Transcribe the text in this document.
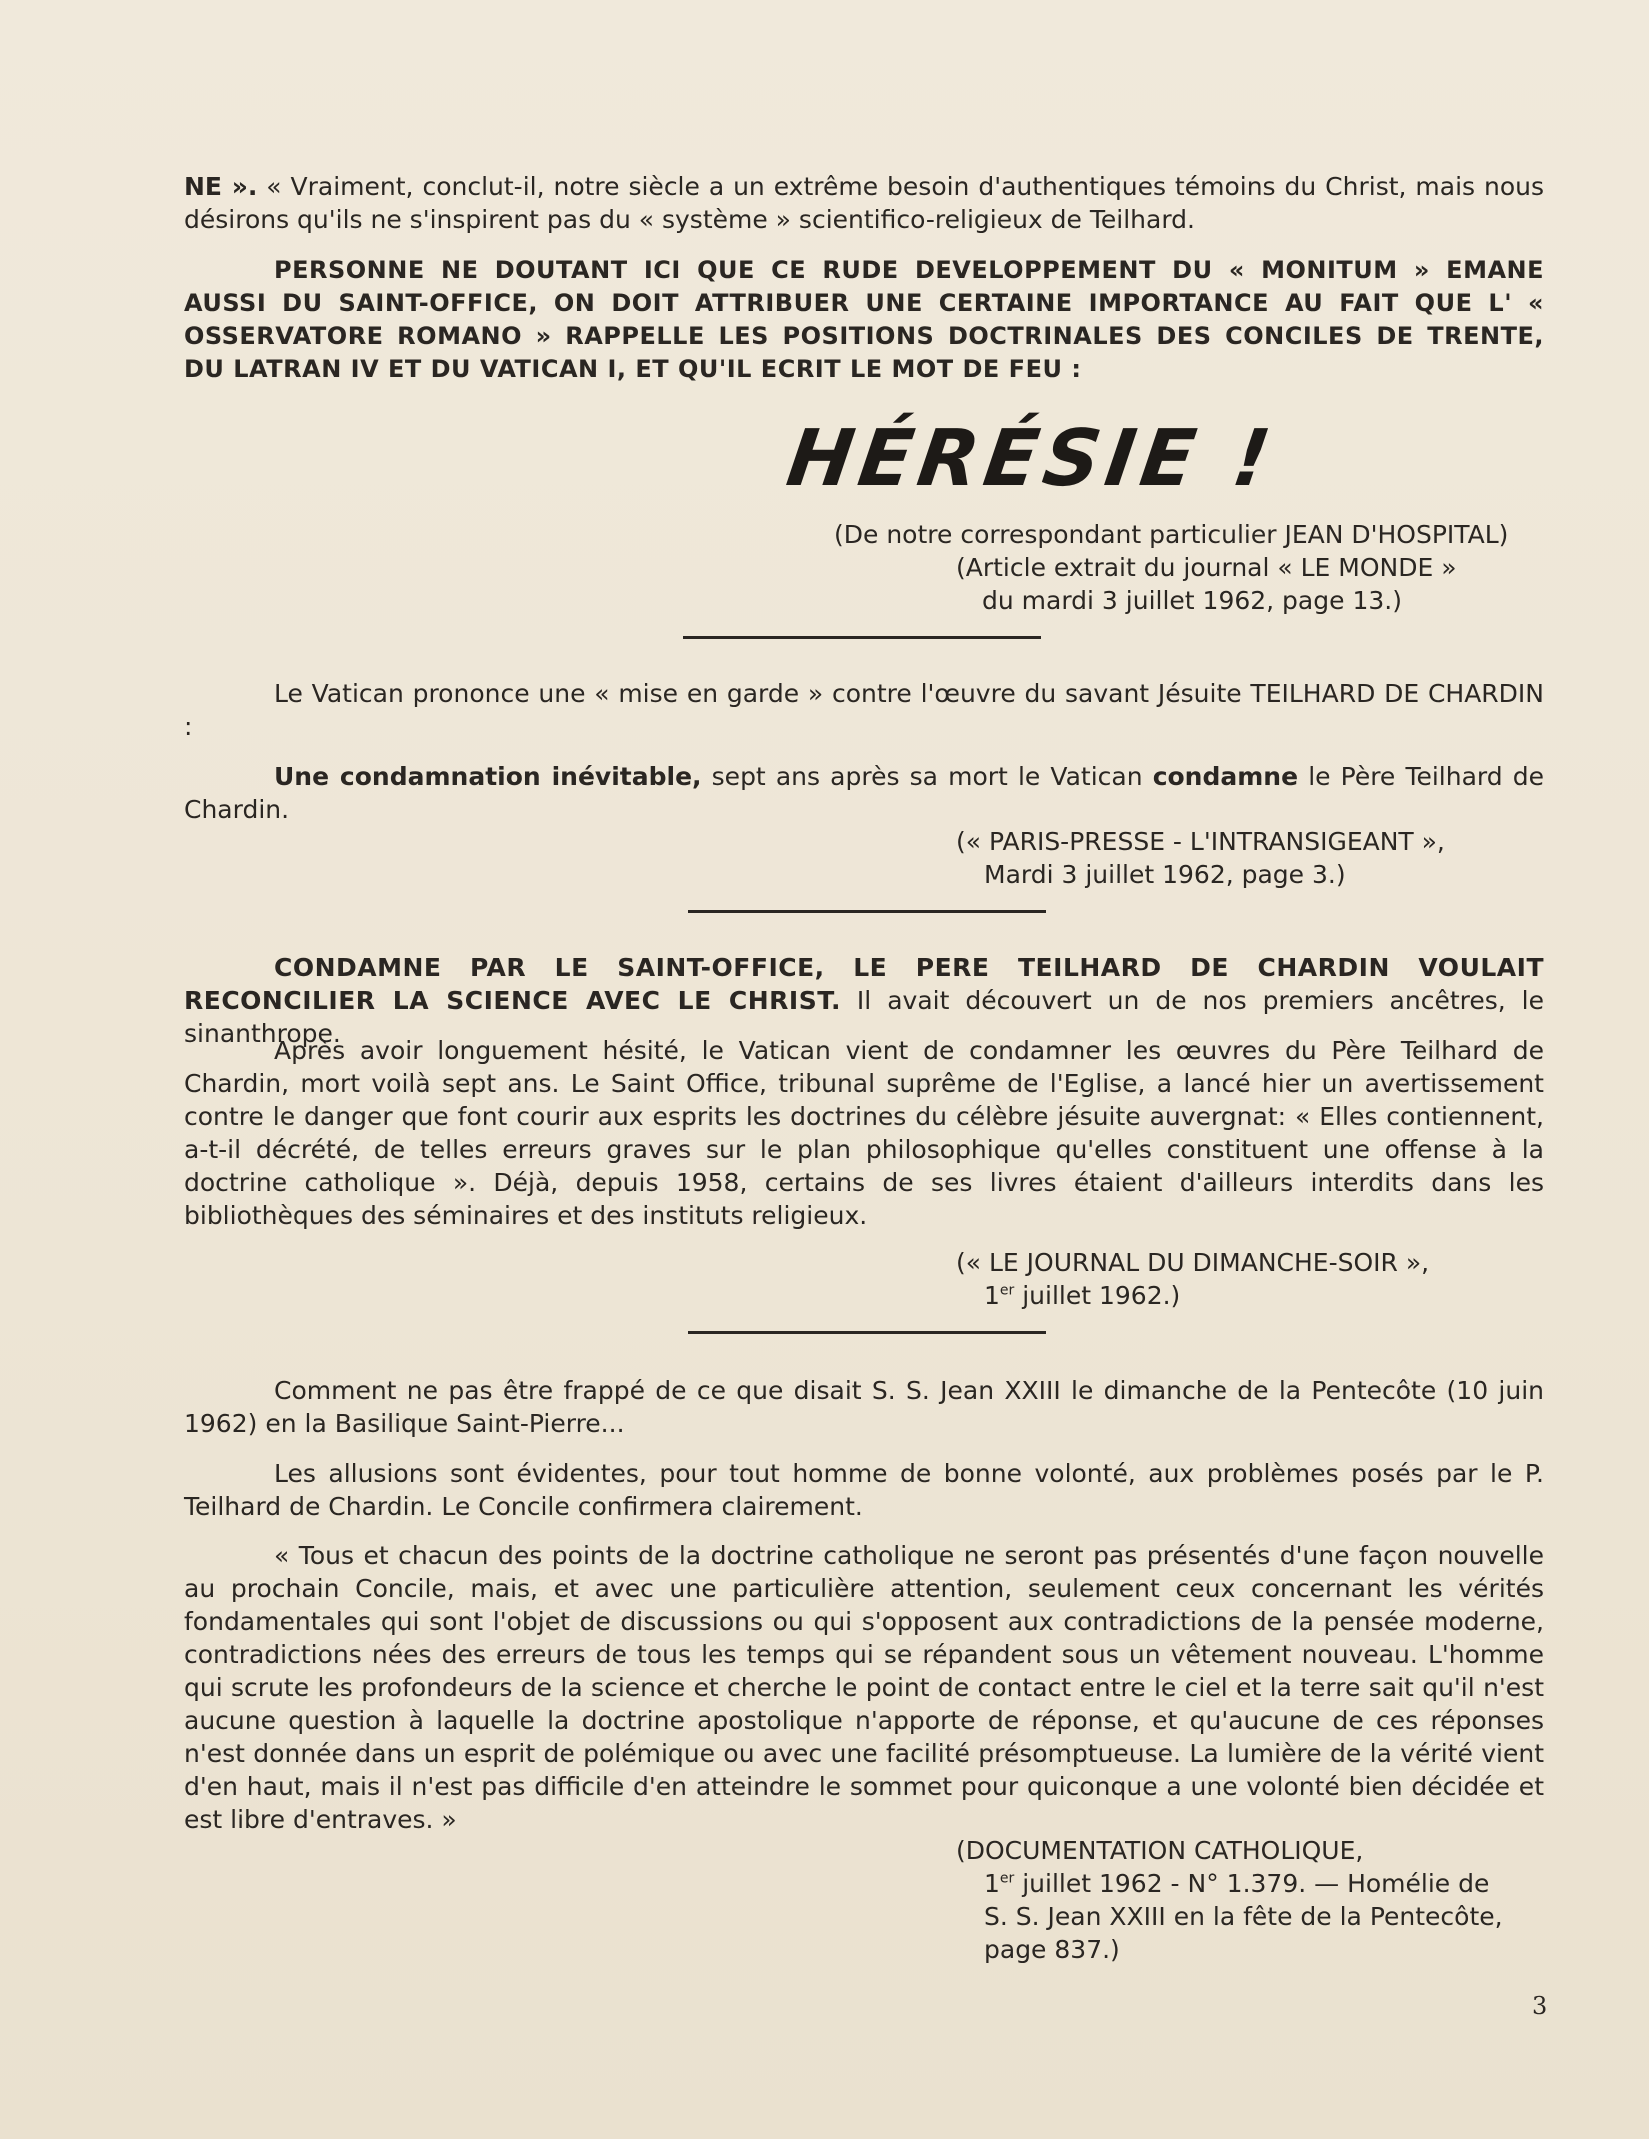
NE ». « Vraiment, conclut-il, notre siècle a un extrême besoin d'authentiques témoins du Christ, mais nous désirons qu'ils ne s'inspirent pas du « système » scientifico-religieux de Teilhard.

PERSONNE NE DOUTANT ICI QUE CE RUDE DEVELOPPEMENT DU « MONITUM » EMANE AUSSI DU SAINT-OFFICE, ON DOIT ATTRIBUER UNE CERTAINE IMPORTANCE AU FAIT QUE L' « OSSERVATORE ROMANO » RAPPELLE LES POSITIONS DOCTRINALES DES CONCILES DE TRENTE, DU LATRAN IV ET DU VATICAN I, ET QU'IL ECRIT LE MOT DE FEU :
HÉRÉSIE !
(De notre correspondant particulier JEAN D'HOSPITAL)
(Article extrait du journal « LE MONDE »
du mardi 3 juillet 1962, page 13.)
Le Vatican prononce une « mise en garde » contre l'œuvre du savant Jésuite TEILHARD DE CHARDIN :
Une condamnation inévitable, sept ans après sa mort le Vatican condamne le Père Teilhard de Chardin.
(« PARIS-PRESSE - L'INTRANSIGEANT »,
Mardi 3 juillet 1962, page 3.)
CONDAMNE PAR LE SAINT-OFFICE, LE PERE TEILHARD DE CHARDIN VOULAIT RECONCILIER LA SCIENCE AVEC LE CHRIST. Il avait découvert un de nos premiers ancêtres, le sinanthrope.
Après avoir longuement hésité, le Vatican vient de condamner les œuvres du Père Teilhard de Chardin, mort voilà sept ans. Le Saint Office, tribunal suprême de l'Eglise, a lancé hier un avertissement contre le danger que font courir aux esprits les doctrines du célèbre jésuite auvergnat: « Elles contiennent, a-t-il décrété, de telles erreurs graves sur le plan philosophique qu'elles constituent une offense à la doctrine catholique ». Déjà, depuis 1958, certains de ses livres étaient d'ailleurs interdits dans les bibliothèques des séminaires et des instituts religieux.
(« LE JOURNAL DU DIMANCHE-SOIR »,
1er juillet 1962.)
Comment ne pas être frappé de ce que disait S. S. Jean XXIII le dimanche de la Pentecôte (10 juin 1962) en la Basilique Saint-Pierre...
Les allusions sont évidentes, pour tout homme de bonne volonté, aux problèmes posés par le P. Teilhard de Chardin. Le Concile confirmera clairement.
« Tous et chacun des points de la doctrine catholique ne seront pas présentés d'une façon nouvelle au prochain Concile, mais, et avec une particulière attention, seulement ceux concernant les vérités fondamentales qui sont l'objet de discussions ou qui s'opposent aux contradictions de la pensée moderne, contradictions nées des erreurs de tous les temps qui se répandent sous un vêtement nouveau. L'homme qui scrute les profondeurs de la science et cherche le point de contact entre le ciel et la terre sait qu'il n'est aucune question à laquelle la doctrine apostolique n'apporte de réponse, et qu'aucune de ces réponses n'est donnée dans un esprit de polémique ou avec une facilité présomptueuse. La lumière de la vérité vient d'en haut, mais il n'est pas difficile d'en atteindre le sommet pour quiconque a une volonté bien décidée et est libre d'entraves. »
(DOCUMENTATION CATHOLIQUE,
1er juillet 1962 - N° 1.379. — Homélie de
S. S. Jean XXIII en la fête de la Pentecôte,
page 837.)
3
